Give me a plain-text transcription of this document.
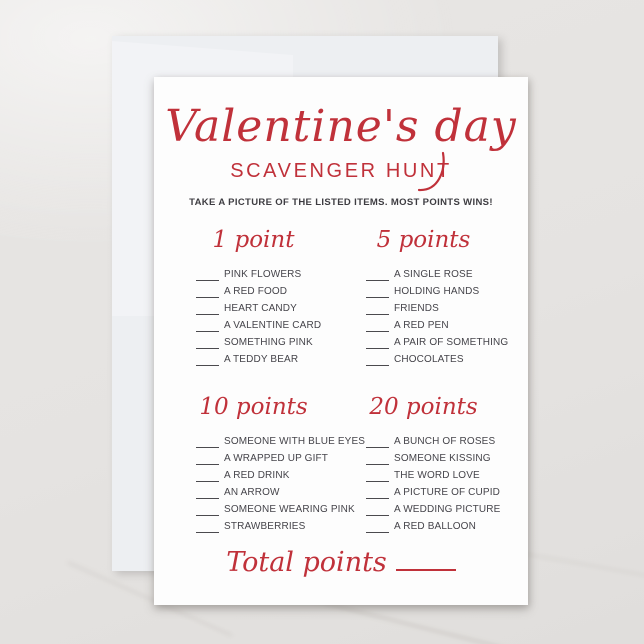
Valentine's day
SCAVENGER HUNT
TAKE A PICTURE OF THE LISTED ITEMS. MOST POINTS WINS!
1 point
PINK FLOWERS
A RED FOOD
HEART CANDY
A VALENTINE CARD
SOMETHING PINK
A TEDDY BEAR
5 points
A SINGLE ROSE
HOLDING HANDS
FRIENDS
A RED PEN
A PAIR OF SOMETHING
CHOCOLATES
10 points
SOMEONE WITH BLUE EYES
A WRAPPED UP GIFT
A RED DRINK
AN ARROW
SOMEONE WEARING PINK
STRAWBERRIES
20 points
A BUNCH OF ROSES
SOMEONE KISSING
THE WORD LOVE
A PICTURE OF CUPID
A WEDDING PICTURE
A RED BALLOON
Total points
